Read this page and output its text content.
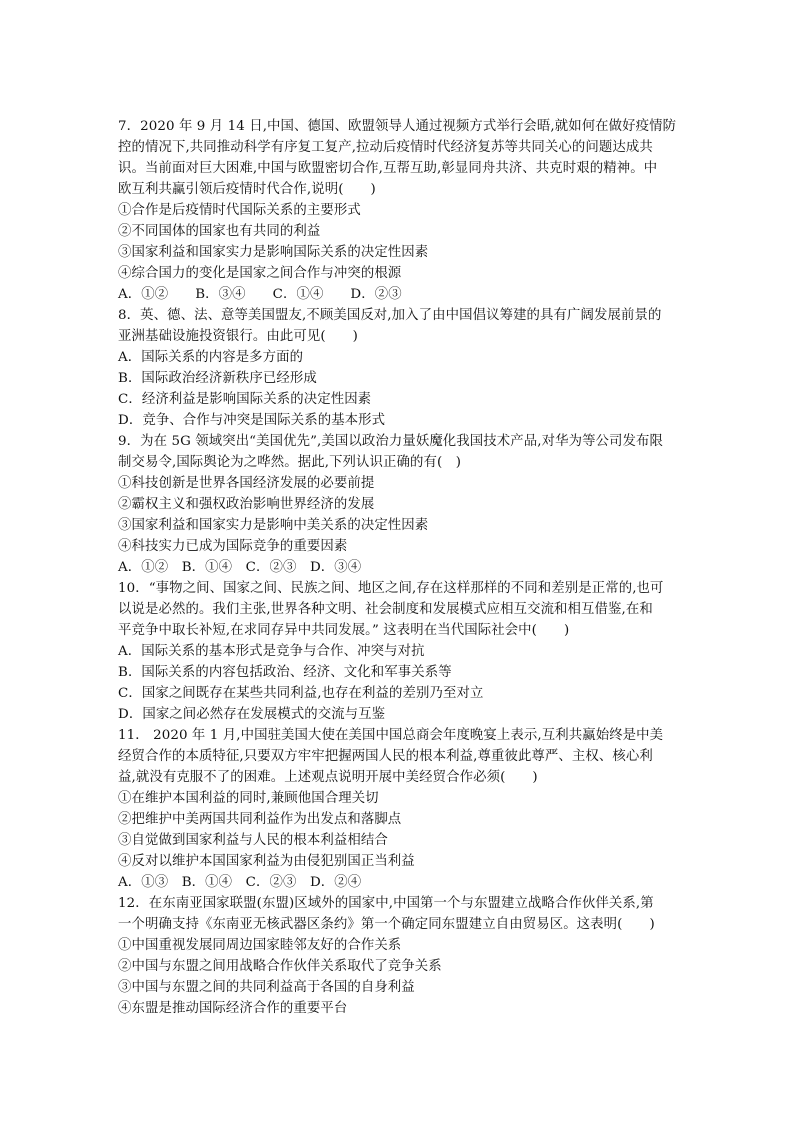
7．2020 年 9 月 14 日,中国、德国、欧盟领导人通过视频方式举行会晤,就如何在做好疫情防
控的情况下,共同推动科学有序复工复产,拉动后疫情时代经济复苏等共同关心的问题达成共
识。当前面对巨大困难,中国与欧盟密切合作,互帮互助,彰显同舟共济、共克时艰的精神。中
欧互利共赢引领后疫情时代合作,说明(　　)
①合作是后疫情时代国际关系的主要形式
②不同国体的国家也有共同的利益
③国家利益和国家实力是影响国际关系的决定性因素
④综合国力的变化是国家之间合作与冲突的根源
A．①②　　B．③④　　C．①④　　D．②③
8．英、德、法、意等美国盟友,不顾美国反对,加入了由中国倡议筹建的具有广阔发展前景的
亚洲基础设施投资银行。由此可见(　　)
A．国际关系的内容是多方面的
B．国际政治经济新秩序已经形成
C．经济利益是影响国际关系的决定性因素
D．竞争、合作与冲突是国际关系的基本形式
9．为在 5G 领域突出“美国优先”,美国以政治力量妖魔化我国技术产品,对华为等公司发布限
制交易令,国际舆论为之哗然。据此,下列认识正确的有(　)
①科技创新是世界各国经济发展的必要前提
②霸权主义和强权政治影响世界经济的发展
③国家利益和国家实力是影响中美关系的决定性因素
④科技实力已成为国际竞争的重要因素
A．①②　B．①④　C．②③　D．③④
10．“事物之间、国家之间、民族之间、地区之间,存在这样那样的不同和差别是正常的,也可
以说是必然的。我们主张,世界各种文明、社会制度和发展模式应相互交流和相互借鉴,在和
平竞争中取长补短,在求同存异中共同发展。” 这表明在当代国际社会中(　　)
A．国际关系的基本形式是竞争与合作、冲突与对抗
B．国际关系的内容包括政治、经济、文化和军事关系等
C．国家之间既存在某些共同利益,也存在利益的差别乃至对立
D．国家之间必然存在发展模式的交流与互鉴
11． 2020 年 1 月,中国驻美国大使在美国中国总商会年度晚宴上表示,互利共赢始终是中美
经贸合作的本质特征,只要双方牢牢把握两国人民的根本利益,尊重彼此尊严、主权、核心利
益,就没有克服不了的困难。上述观点说明开展中美经贸合作必须(　　)
①在维护本国利益的同时,兼顾他国合理关切
②把维护中美两国共同利益作为出发点和落脚点
③自觉做到国家利益与人民的根本利益相结合
④反对以维护本国国家利益为由侵犯别国正当利益
A．①③　B．①④　C．②③　D．②④
12．在东南亚国家联盟(东盟)区域外的国家中,中国第一个与东盟建立战略合作伙伴关系,第
一个明确支持《东南亚无核武器区条约》第一个确定同东盟建立自由贸易区。这表明(　　)
①中国重视发展同周边国家睦邻友好的合作关系
②中国与东盟之间用战略合作伙伴关系取代了竞争关系
③中国与东盟之间的共同利益高于各国的自身利益
④东盟是推动国际经济合作的重要平台
